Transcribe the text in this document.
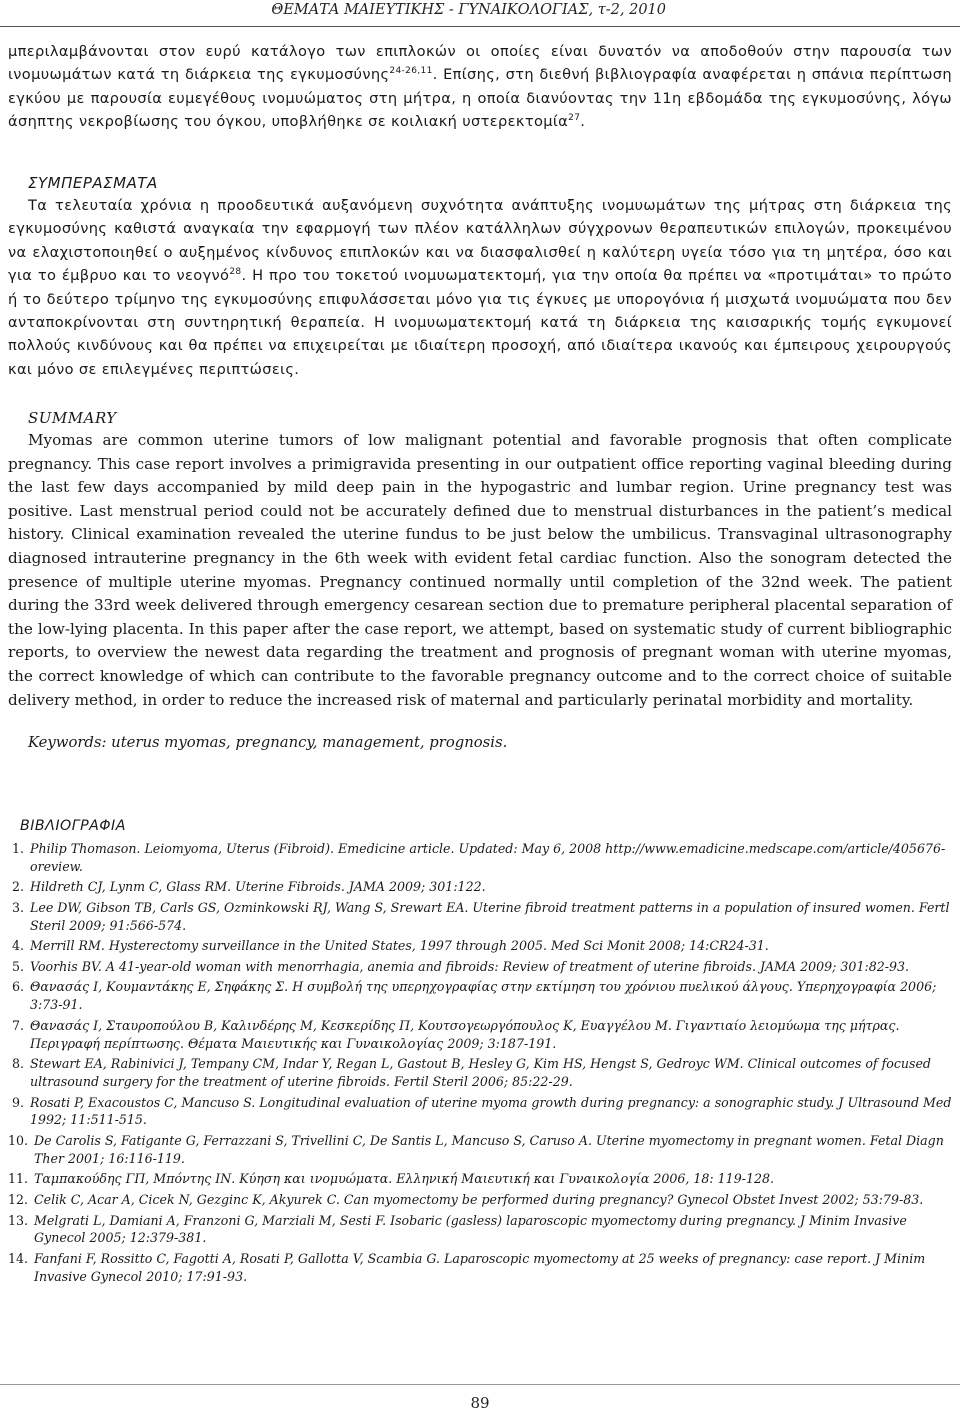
ΘΕΜΑΤΑ ΜΑΙΕΥΤΙΚΗΣ - ΓΥΝΑΙΚΟΛΟΓΙΑΣ, τ-2, 2010
μπεριλαμβάνονται στον ευρύ κατάλογο των επιπλοκών οι οποίες είναι δυνατόν να αποδοθούν στην παρουσία των ινομυωμάτων κατά τη διάρκεια της εγκυμοσύνης$^{24-26,11}$. Επίσης, στη διεθνή βιβλιογραφία αναφέρεται η σπάνια περίπτωση εγκύου με παρουσία ευμεγέθους ινομυώματος στη μήτρα, η οποία διανύοντας την 11η εβδομάδα της εγκυμοσύνης, λόγω άσηπτης νεκροβίωσης του όγκου, υποβλήθηκε σε κοιλιακή υστερεκτομία$^{27}$.
ΣΥΜΠΕΡΑΣΜΑΤΑ
Τα τελευταία χρόνια η προοδευτικά αυξανόμενη συχνότητα ανάπτυξης ινομυωμάτων της μήτρας στη διάρκεια της εγκυμοσύνης καθιστά αναγκαία την εφαρμογή των πλέον κατάλληλων σύγχρονων θεραπευτικών επιλογών, προκειμένου να ελαχιστοποιηθεί ο αυξημένος κίνδυνος επιπλοκών και να διασφαλισθεί η καλύτερη υγεία τόσο για τη μητέρα, όσο και για το έμβρυο και το νεογνό$^{28}$. Η προ του τοκετού ινομυωματεκτομή, για την οποία θα πρέπει να «προτιμάται» το πρώτο ή το δεύτερο τρίμηνο της εγκυμοσύνης επιφυλάσσεται μόνο για τις έγκυες με υπορογόνια ή μισχωτά ινομυώματα που δεν ανταποκρίνονται στη συντηρητική θεραπεία. Η ινομυωματεκτομή κατά τη διάρκεια της καισαρικής τομής εγκυμονεί πολλούς κινδύνους και θα πρέπει να επιχειρείται με ιδιαίτερη προσοχή, από ιδιαίτερα ικανούς και έμπειρους χειρουργούς και μόνο σε επιλεγμένες περιπτώσεις.
SUMMARY
Myomas are common uterine tumors of low malignant potential and favorable prognosis that often complicate pregnancy. This case report involves a primigravida presenting in our outpatient office reporting vaginal bleeding during the last few days accompanied by mild deep pain in the hypogastric and lumbar region. Urine pregnancy test was positive. Last menstrual period could not be accurately defined due to menstrual disturbances in the patient’s medical history. Clinical examination revealed the uterine fundus to be just below the umbilicus. Transvaginal ultrasonography diagnosed intrauterine pregnancy in the 6th week with evident fetal cardiac function. Also the sonogram detected the presence of multiple uterine myomas. Pregnancy continued normally until completion of the 32nd week. The patient during the 33rd week delivered through emergency cesarean section due to premature peripheral placental separation of the low-lying placenta. In this paper after the case report, we attempt, based on systematic study of current bibliographic reports, to overview the newest data regarding the treatment and prognosis of pregnant woman with uterine myomas, the correct knowledge of which can contribute to the favorable pregnancy outcome and to the correct choice of suitable delivery method, in order to reduce the increased risk of maternal and particularly perinatal morbidity and mortality.
Keywords: uterus myomas, pregnancy, management, prognosis.
ΒΙΒΛΙΟΓΡΑΦΙΑ
1. Philip Thomason. Leiomyoma, Uterus (Fibroid). Emedicine article. Updated: May 6, 2008 http://www.emadicine.medscape.com/article/405676-oreview.
2. Hildreth CJ, Lynm C, Glass RM. Uterine Fibroids. JAMA 2009; 301:122.
3. Lee DW, Gibson TB, Carls GS, Ozminkowski RJ, Wang S, Srewart EA. Uterine fibroid treatment patterns in a population of insured women. Fertl Steril 2009; 91:566-574.
4. Merrill RM. Hysterectomy surveillance in the United States, 1997 through 2005. Med Sci Monit 2008; 14:CR24-31.
5. Voorhis BV. A 41-year-old woman with menorrhagia, anemia and fibroids: Review of treatment of uterine fibroids. JAMA 2009; 301:82-93.
6. Θανασάς Ι, Κουμαντάκης Ε, Σηφάκης Σ. Η συμβολή της υπερηχογραφίας στην εκτίμηση του χρόνιου πυελικού άλγους. Υπερηχογραφία 2006; 3:73-91.
7. Θανασάς Ι, Σταυροπούλου Β, Καλινδέρης Μ, Κεσκερίδης Π, Κουτσογεωργόπουλος Κ, Ευαγγέλου Μ. Γιγαντιαίο λειομύωμα της μήτρας. Περιγραφή περίπτωσης. Θέματα Μαιευτικής και Γυναικολογίας 2009; 3:187-191.
8. Stewart EA, Rabinivici J, Tempany CM, Indar Y, Regan L, Gastout B, Hesley G, Kim HS, Hengst S, Gedroyc WM. Clinical outcomes of focused ultrasound surgery for the treatment of uterine fibroids. Fertil Steril 2006; 85:22-29.
9. Rosati P, Exacoustos C, Mancuso S. Longitudinal evaluation of uterine myoma growth during pregnancy: a sonographic study. J Ultrasound Med 1992; 11:511-515.
10. De Carolis S, Fatigante G, Ferrazzani S, Trivellini C, De Santis L, Mancuso S, Caruso A. Uterine myomectomy in pregnant women. Fetal Diagn Ther 2001; 16:116-119.
11. Ταμπακούδης ΓΠ, Μπόντης ΙΝ. Κύηση και ινομυώματα. Ελληνική Μαιευτική και Γυναικολογία 2006, 18: 119-128.
12. Celik C, Acar A, Cicek N, Gezginc K, Akyurek C. Can myomectomy be performed during pregnancy? Gynecol Obstet Invest 2002; 53:79-83.
13. Melgrati L, Damiani A, Franzoni G, Marziali M, Sesti F. Isobaric (gasless) laparoscopic myomectomy during pregnancy. J Minim Invasive Gynecol 2005; 12:379-381.
14. Fanfani F, Rossitto C, Fagotti A, Rosati P, Gallotta V, Scambia G. Laparoscopic myomectomy at 25 weeks of pregnancy: case report. J Minim Invasive Gynecol 2010; 17:91-93.
89
